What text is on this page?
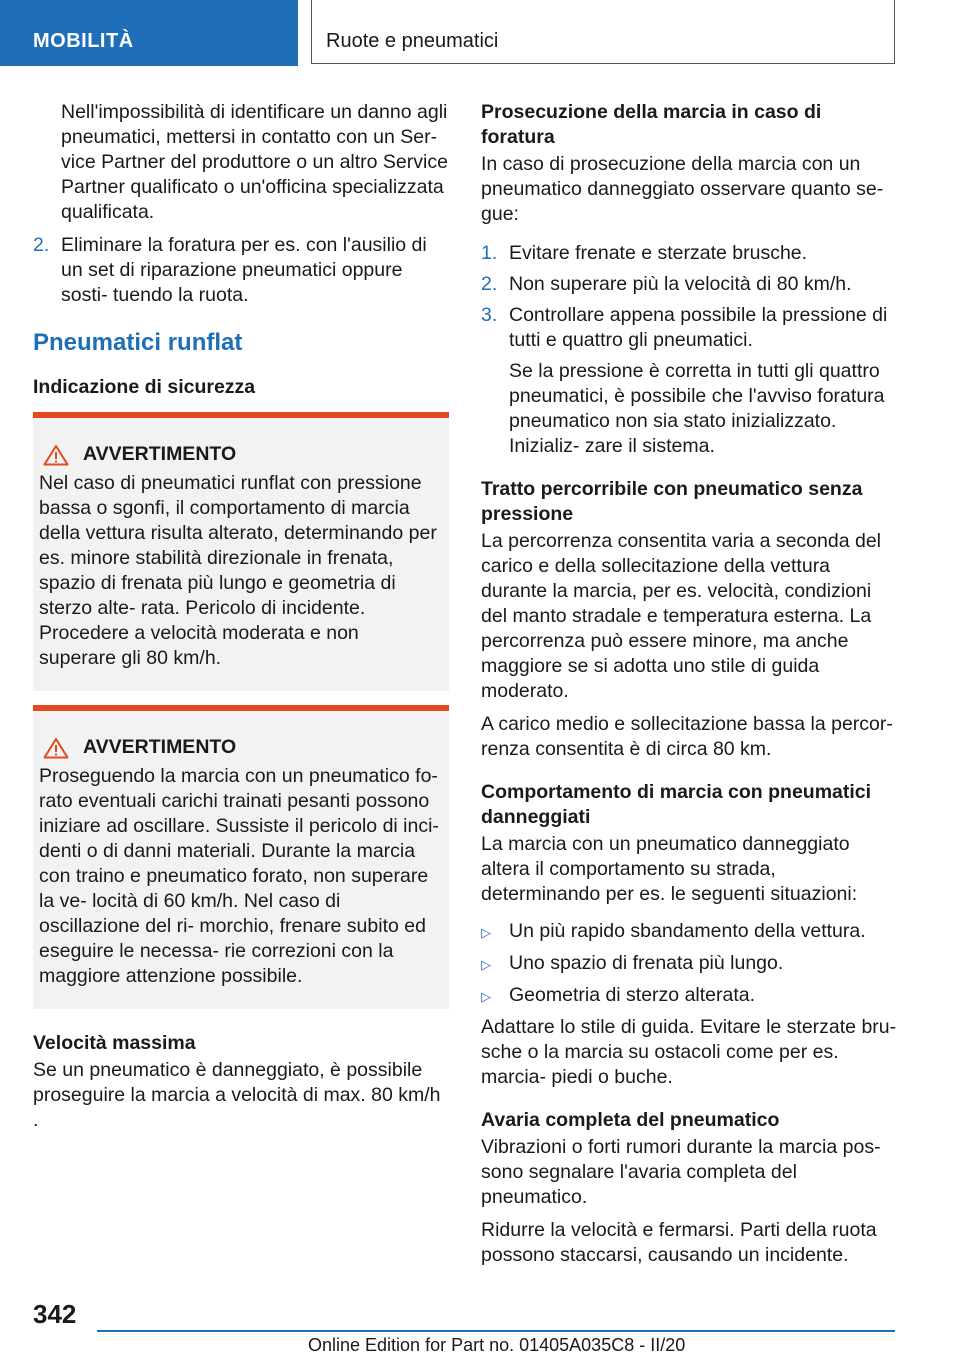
MOBILITÀ	Ruote e pneumatici

Nell'impossibilità di identificare un danno agli pneumatici, mettersi in contatto con un Ser‐ vice Partner del produttore o un altro Service Partner qualificato o un'officina specializzata qualificata.

2. Eliminare la foratura per es. con l'ausilio di un set di riparazione pneumatici oppure sosti‐ tuendo la ruota.
Pneumatici runflat
Indicazione di sicurezza
AVVERTIMENTO
Nel caso di pneumatici runflat con pressione bassa o sgonfi, il comportamento di marcia della vettura risulta alterato, determinando per es. minore stabilità direzionale in frenata, spazio di frenata più lungo e geometria di sterzo alte‐ rata. Pericolo di incidente. Procedere a velocità moderata e non superare gli 80 km/h.
AVVERTIMENTO
Proseguendo la marcia con un pneumatico fo‐ rato eventuali carichi trainati pesanti possono iniziare ad oscillare. Sussiste il pericolo di inci‐ denti o di danni materiali. Durante la marcia con traino e pneumatico forato, non superare la ve‐ locità di 60 km/h. Nel caso di oscillazione del ri‐ morchio, frenare subito ed eseguire le necessa‐ rie correzioni con la maggiore attenzione possibile.
Velocità massima

Se un pneumatico è danneggiato, è possibile proseguire la marcia a velocità di max. 80 km/h .

Prosecuzione della marcia in caso di foratura

In caso di prosecuzione della marcia con un pneumatico danneggiato osservare quanto se‐ gue:

1. Evitare frenate e sterzate brusche.
2. Non superare più la velocità di 80 km/h.
3. Controllare appena possibile la pressione di tutti e quattro gli pneumatici.

Se la pressione è corretta in tutti gli quattro pneumatici, è possibile che l'avviso foratura pneumatico non sia stato inizializzato. Inizializ‐ zare il sistema.

Tratto percorribile con pneumatico senza pressione

La percorrenza consentita varia a seconda del carico e della sollecitazione della vettura durante la marcia, per es. velocità, condizioni del manto stradale e temperatura esterna. La percorrenza può essere minore, ma anche maggiore se si adotta uno stile di guida moderato.

A carico medio e sollecitazione bassa la percor‐ renza consentita è di circa 80 km.

Comportamento di marcia con pneumatici danneggiati

La marcia con un pneumatico danneggiato altera il comportamento su strada, determinando per es. le seguenti situazioni:

▷ Un più rapido sbandamento della vettura.
▷ Uno spazio di frenata più lungo.
▷ Geometria di sterzo alterata.

Adattare lo stile di guida. Evitare le sterzate bru‐ sche o la marcia su ostacoli come per es. marcia‐ piedi o buche.

Avaria completa del pneumatico

Vibrazioni o forti rumori durante la marcia pos‐ sono segnalare l'avaria completa del pneumatico.

Ridurre la velocità e fermarsi. Parti della ruota possono staccarsi, causando un incidente.

342
Online Edition for Part no. 01405A035C8 - II/20
